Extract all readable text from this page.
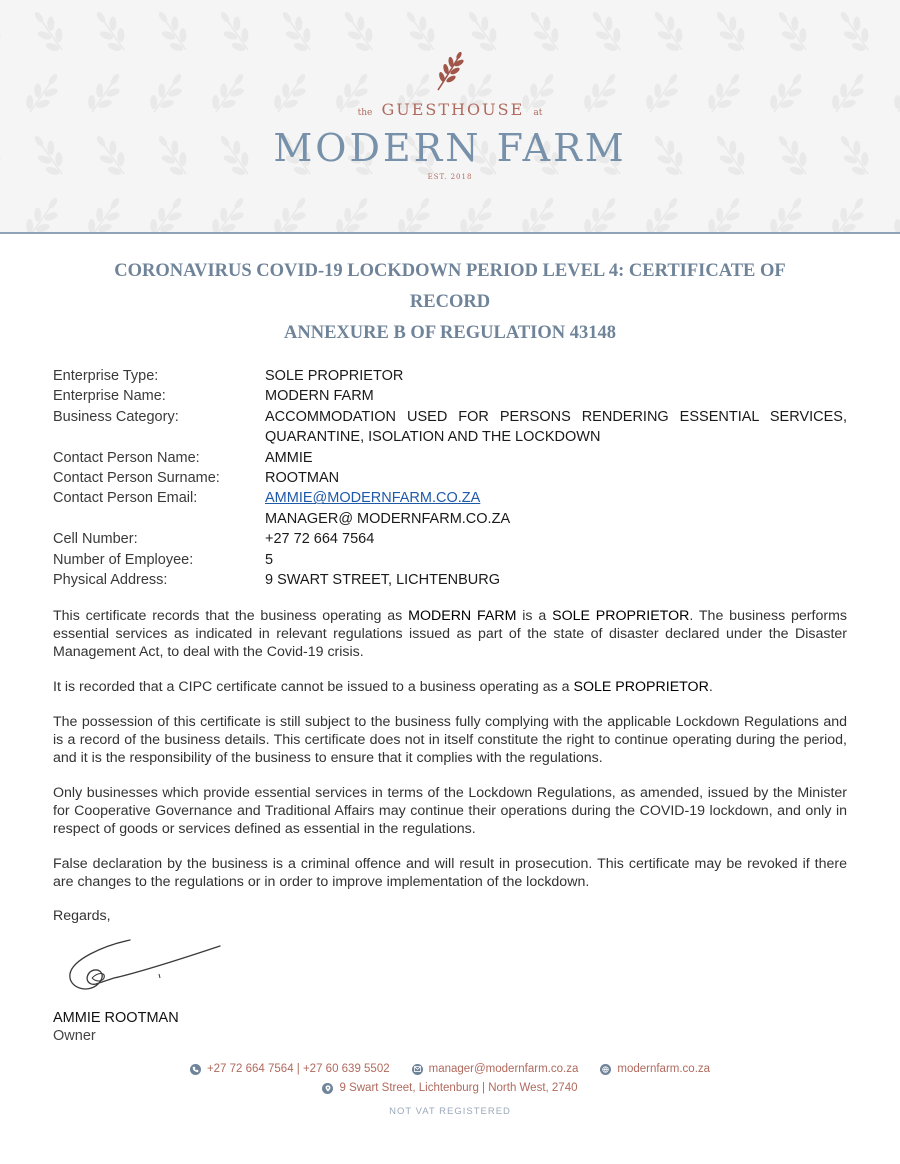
the GUESTHOUSE at
MODERN FARM
EST. 2018
CORONAVIRUS COVID-19 LOCKDOWN PERIOD LEVEL 4: CERTIFICATE OF
RECORD
ANNEXURE B OF REGULATION 43148
Enterprise Type:	SOLE PROPRIETOR
Enterprise Name:	MODERN FARM
Business Category:	ACCOMMODATION USED FOR PERSONS RENDERING ESSENTIAL SERVICES, QUARANTINE, ISOLATION AND THE LOCKDOWN
Contact Person Name:	AMMIE
Contact Person Surname:	ROOTMAN
Contact Person Email:	AMMIE@MODERNFARM.CO.ZA
MANAGER@ MODERNFARM.CO.ZA
Cell Number:	+27 72 664 7564
Number of Employee:	5
Physical Address:	9 SWART STREET, LICHTENBURG

This certificate records that the business operating as MODERN FARM is a SOLE PROPRIETOR. The business performs essential services as indicated in relevant regulations issued as part of the state of disaster declared under the Disaster Management Act, to deal with the Covid-19 crisis.

It is recorded that a CIPC certificate cannot be issued to a business operating as a SOLE PROPRIETOR.

The possession of this certificate is still subject to the business fully complying with the applicable Lockdown Regulations and is a record of the business details. This certificate does not in itself constitute the right to continue operating during the period, and it is the responsibility of the business to ensure that it complies with the regulations.

Only businesses which provide essential services in terms of the Lockdown Regulations, as amended, issued by the Minister for Cooperative Governance and Traditional Affairs may continue their operations during the COVID-19 lockdown, and only in respect of goods or services defined as essential in the regulations.

False declaration by the business is a criminal offence and will result in prosecution. This certificate may be revoked if there are changes to the regulations or in order to improve implementation of the lockdown.

Regards,
AMMIE ROOTMAN
Owner
+27 72 664 7564 | +27 60 639 5502	manager@modernfarm.co.za	modernfarm.co.za
9 Swart Street, Lichtenburg | North West, 2740
NOT VAT REGISTERED
